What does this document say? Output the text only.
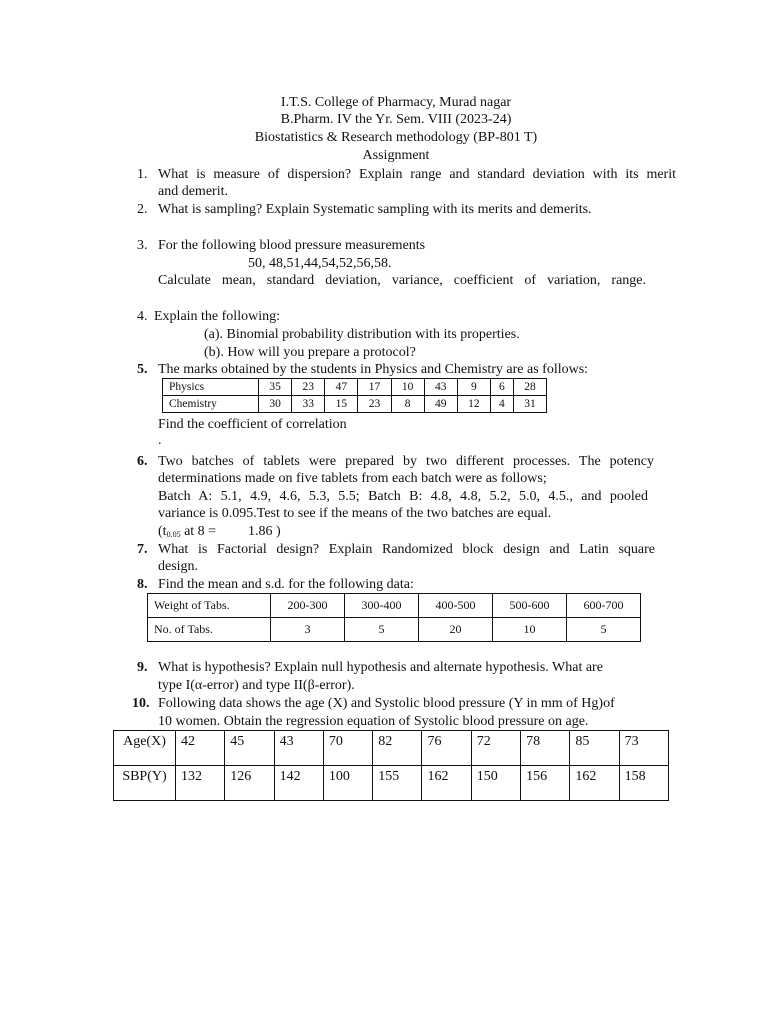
I.T.S. College of Pharmacy, Murad nagar
B.Pharm. IV the Yr. Sem. VIII (2023-24)
Biostatistics & Research methodology (BP-801 T)
Assignment
1. What is measure of dispersion? Explain range and standard deviation with its merit
and demerit.
2. What is sampling? Explain Systematic sampling with its merits and demerits.
3. For the following blood pressure measurements
50, 48,51,44,54,52,56,58.
Calculate mean, standard deviation, variance, coefficient of variation, range.
4. Explain the following:
(a). Binomial probability distribution with its properties.
(b). How will you prepare a protocol?
5. The marks obtained by the students in Physics and Chemistry are as follows:
Physics	35	23	47	17	10	43	9	6	28
Chemistry	30	33	15	23	8	49	12	4	31
Find the coefficient of correlation
.
6. Two batches of tablets were prepared by two different processes. The potency
determinations made on five tablets from each batch were as follows;
Batch A: 5.1, 4.9, 4.6, 5.3, 5.5; Batch B: 4.8, 4.8, 5.2, 5.0, 4.5., and pooled
variance is 0.095.Test to see if the means of the two batches are equal.
($t_{0.05}$ at 8 = 1.86 )
7. What is Factorial design? Explain Randomized block design and Latin square
design.
8. Find the mean and s.d. for the following data:
Weight of Tabs.	200-300	300-400	400-500	500-600	600-700
No. of Tabs.	3	5	20	10	5
9. What is hypothesis? Explain null hypothesis and alternate hypothesis. What are
type I(α-error) and type II(β-error).
10. Following data shows the age (X) and Systolic blood pressure (Y in mm of Hg)of
10 women. Obtain the regression equation of Systolic blood pressure on age.
Age(X)	42	45	43	70	82	76	72	78	85	73
SBP(Y)	132	126	142	100	155	162	150	156	162	158
